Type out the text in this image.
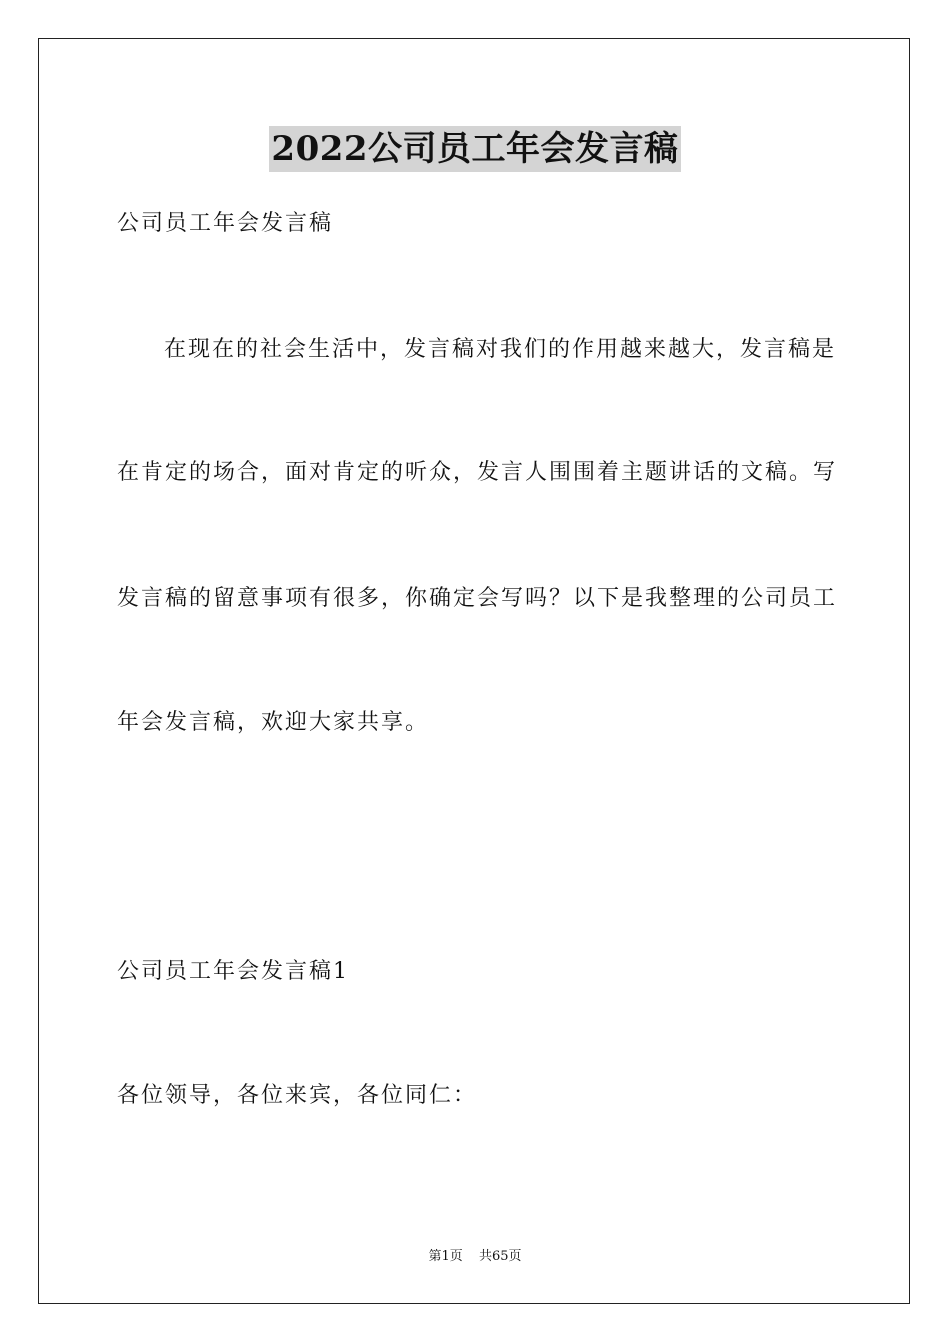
2022公司员工年会发言稿
公司员工年会发言稿
在现在的社会生活中，发言稿对我们的作用越来越大，发言稿是
在肯定的场合，面对肯定的听众，发言人围围着主题讲话的文稿。写
发言稿的留意事项有很多，你确定会写吗？以下是我整理的公司员工
年会发言稿，欢迎大家共享。
公司员工年会发言稿1
各位领导，各位来宾，各位同仁：
第1页 共65页
